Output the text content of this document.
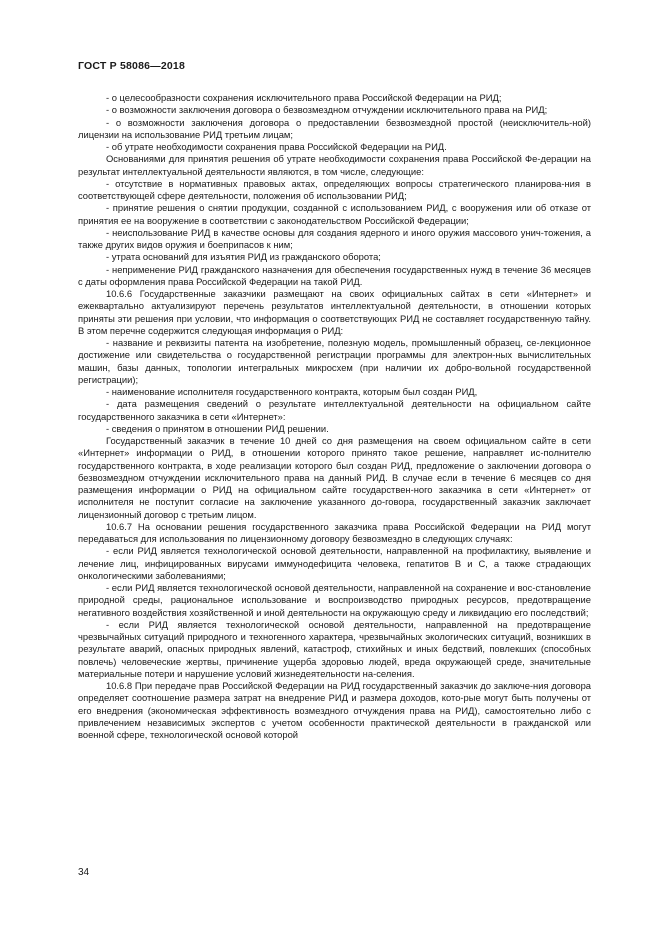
ГОСТ Р 58086—2018

- о целесообразности сохранения исключительного права Российской Федерации на РИД;

- о возможности заключения договора о безвозмездном отчуждении исключительного права на РИД;

- о возможности заключения договора о предоставлении безвозмездной простой (неисключитель-ной) лицензии на использование РИД третьим лицам;

- об утрате необходимости сохранения права Российской Федерации на РИД.

Основаниями для принятия решения об утрате необходимости сохранения права Российской Фе-дерации на результат интеллектуальной деятельности являются, в том числе, следующие:

- отсутствие в нормативных правовых актах, определяющих вопросы стратегического планирова-ния в соответствующей сфере деятельности, положения об использовании РИД;

- принятие решения о снятии продукции, созданной с использованием РИД, с вооружения или об отказе от принятия ее на вооружение в соответствии с законодательством Российской Федерации;

- неиспользование РИД в качестве основы для создания ядерного и иного оружия массового унич-тожения, а также других видов оружия и боеприпасов к ним;

- утрата оснований для изъятия РИД из гражданского оборота;

- неприменение РИД гражданского назначения для обеспечения государственных нужд в течение 36 месяцев с даты оформления права Российской Федерации на такой РИД.

10.6.6 Государственные заказчики размещают на своих официальных сайтах в сети «Интернет» и ежеквартально актуализируют перечень результатов интеллектуальной деятельности, в отношении которых приняты эти решения при условии, что информация о соответствующих РИД не составляет государственную тайну. В этом перечне содержится следующая информация о РИД:

- название и реквизиты патента на изобретение, полезную модель, промышленный образец, се-лекционное достижение или свидетельства о государственной регистрации программы для электрон-ных вычислительных машин, базы данных, топологии интегральных микросхем (при наличии их добро-вольной государственной регистрации);

- наименование исполнителя государственного контракта, которым был создан РИД,

- дата размещения сведений о результате интеллектуальной деятельности на официальном сайте государственного заказчика в сети «Интернет»:

- сведения о принятом в отношении РИД решении.

Государственный заказчик в течение 10 дней со дня размещения на своем официальном сайте в сети «Интернет» информации о РИД, в отношении которого принято такое решение, направляет ис-полнителю государственного контракта, в ходе реализации которого был создан РИД, предложение о заключении договора о безвозмездном отчуждении исключительного права на данный РИД. В случае если в течение 6 месяцев со дня размещения информации о РИД на официальном сайте государствен-ного заказчика в сети «Интернет» от исполнителя не поступит согласие на заключение указанного до-говора, государственный заказчик заключает лицензионный договор с третьим лицом.

10.6.7 На основании решения государственного заказчика права Российской Федерации на РИД могут передаваться для использования по лицензионному договору безвозмездно в следующих случаях:

- если РИД является технологической основой деятельности, направленной на профилактику, выявление и лечение лиц, инфицированных вирусами иммунодефицита человека, гепатитов В и С, а также страдающих онкологическими заболеваниями;

- если РИД является технологической основой деятельности, направленной на сохранение и вос-становление природной среды, рациональное использование и воспроизводство природных ресурсов, предотвращение негативного воздействия хозяйственной и иной деятельности на окружающую среду и ликвидацию его последствий;

- если РИД является технологической основой деятельности, направленной на предотвращение чрезвычайных ситуаций природного и техногенного характера, чрезвычайных экологических ситуаций, возникших в результате аварий, опасных природных явлений, катастроф, стихийных и иных бедствий, повлекших (способных повлечь) человеческие жертвы, причинение ущерба здоровью людей, вреда окружающей среде, значительные материальные потери и нарушение условий жизнедеятельности на-селения.

10.6.8 При передаче прав Российской Федерации на РИД государственный заказчик до заключе-ния договора определяет соотношение размера затрат на внедрение РИД и размера доходов, кото-рые могут быть получены от его внедрения (экономическая эффективность возмездного отчуждения права на РИД), самостоятельно либо с привлечением независимых экспертов с учетом особенности практической деятельности в гражданской или военной сфере, технологической основой которой

34
